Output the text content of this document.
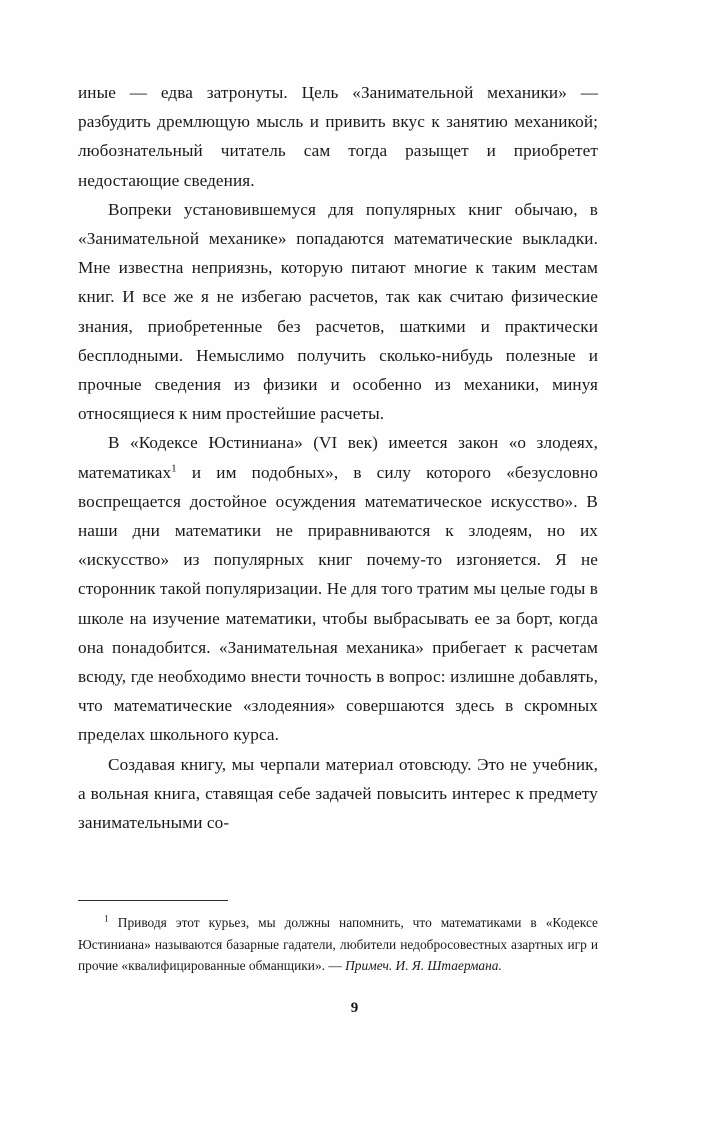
иные — едва затронуты. Цель «Занимательной механики» — разбудить дремлющую мысль и привить вкус к занятию механикой; любознательный читатель сам тогда разыщет и приобретет недостающие сведения.

Вопреки установившемуся для популярных книг обычаю, в «Занимательной механике» попадаются математические выкладки. Мне известна неприязнь, которую питают многие к таким местам книг. И все же я не избегаю расчетов, так как считаю физические знания, приобретенные без расчетов, шаткими и практически бесплодными. Немыслимо получить сколько-нибудь полезные и прочные сведения из физики и особенно из механики, минуя относящиеся к ним простейшие расчеты.

В «Кодексе Юстиниана» (VI век) имеется закон «о злодеях, математиках$^1$ и им подобных», в силу которого «безусловно воспрещается достойное осуждения математическое искусство». В наши дни математики не приравниваются к злодеям, но их «искусство» из популярных книг почему-то изгоняется. Я не сторонник такой популяризации. Не для того тратим мы целые годы в школе на изучение математики, чтобы выбрасывать ее за борт, когда она понадобится. «Занимательная механика» прибегает к расчетам всюду, где необходимо внести точность в вопрос: излишне добавлять, что математические «злодеяния» совершаются здесь в скромных пределах школьного курса.

Создавая книгу, мы черпали материал отовсюду. Это не учебник, а вольная книга, ставящая себе задачей повысить интерес к предмету занимательными со-

$^1$ Приводя этот курьез, мы должны напомнить, что математиками в «Кодексе Юстиниана» называются базарные гадатели, любители недобросовестных азартных игр и прочие «квалифицированные обманщики». — Примеч. И. Я. Штаермана.

9
